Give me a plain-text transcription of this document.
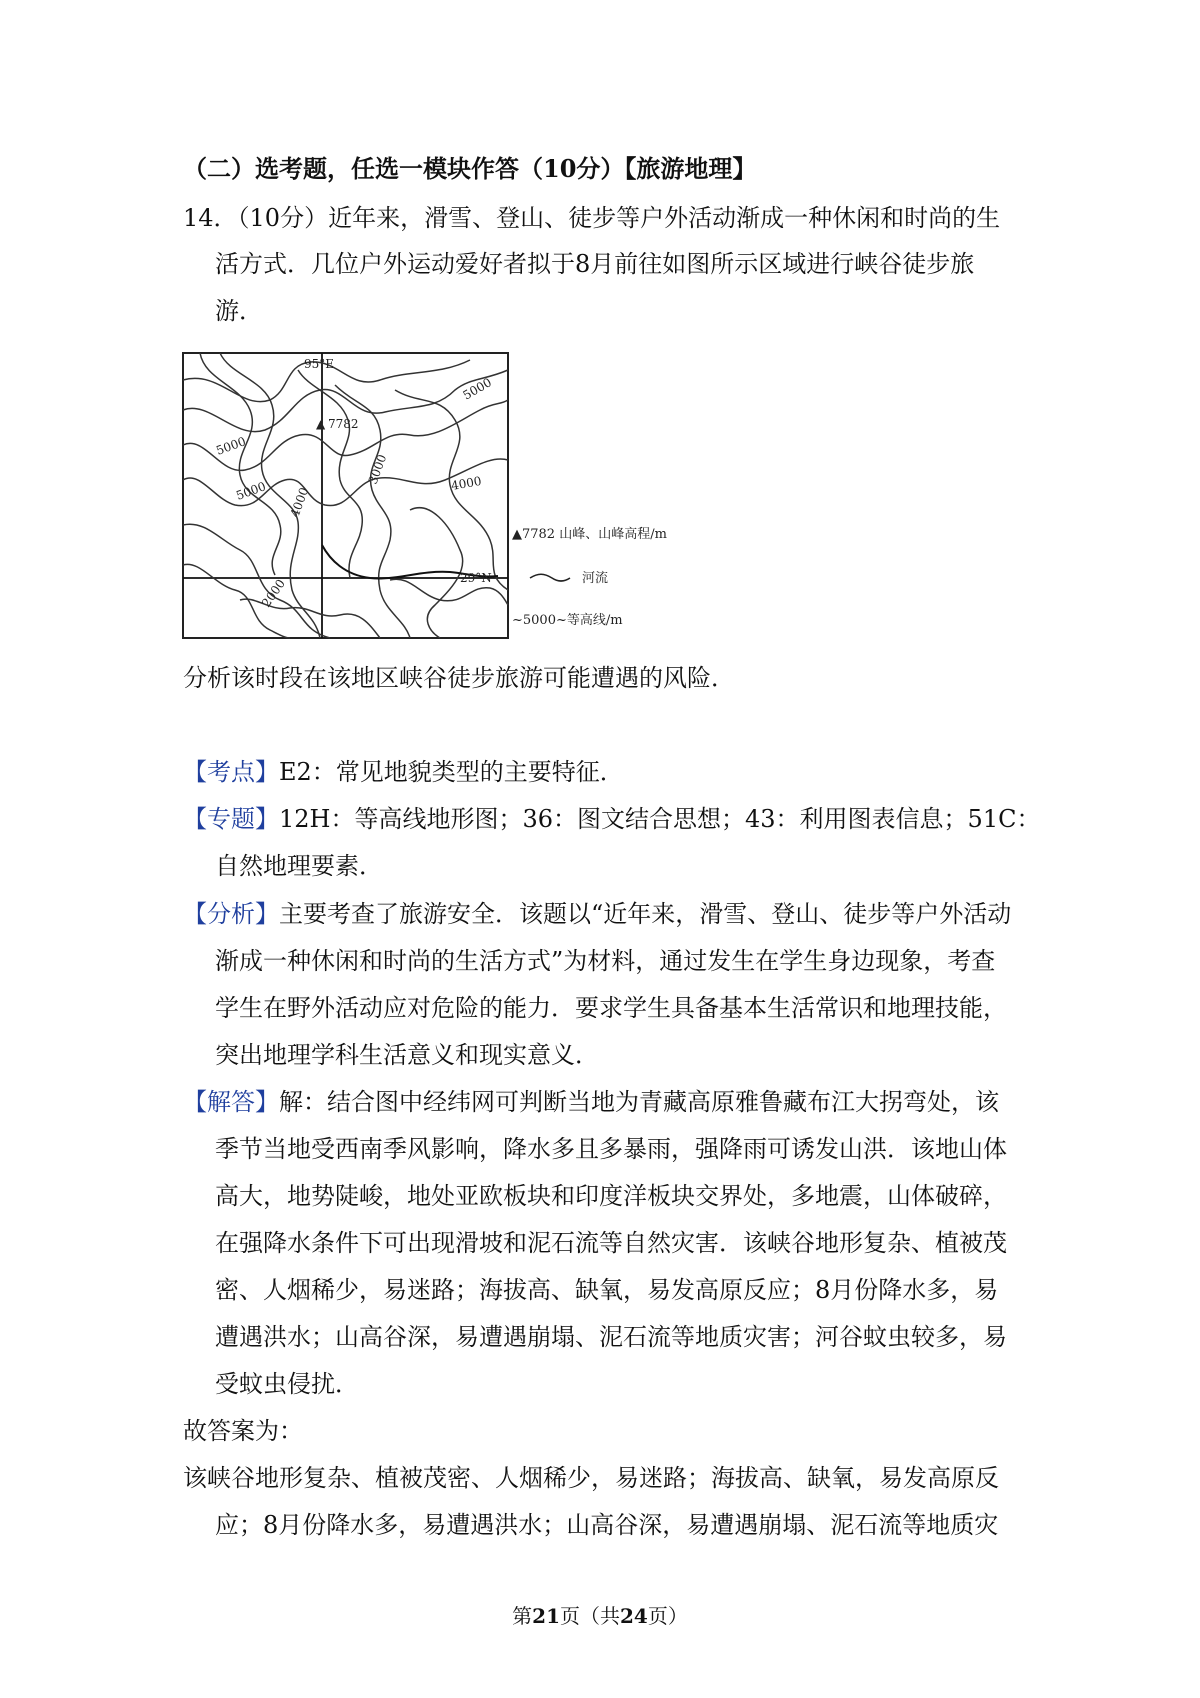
（二）选考题，任选一模块作答（10分）【旅游地理】
14．（10分）近年来，滑雪、登山、徒步等户外活动渐成一种休闲和时尚的生
活方式．几位户外运动爱好者拟于8月前往如图所示区域进行峡谷徒步旅
游．
95°E
29°N
▲ 7782
5000
5000
5000	4000
4000
3000
2000
▲7782 山峰、山峰高程/m
河流
~5000~等高线/m
分析该时段在该地区峡谷徒步旅游可能遭遇的风险．
【考点】E2：常见地貌类型的主要特征．
【专题】12H：等高线地形图；36：图文结合思想；43：利用图表信息；51C：
自然地理要素．
【分析】主要考查了旅游安全．该题以“近年来，滑雪、登山、徒步等户外活动
渐成一种休闲和时尚的生活方式”为材料，通过发生在学生身边现象，考查
学生在野外活动应对危险的能力．要求学生具备基本生活常识和地理技能，
突出地理学科生活意义和现实意义．
【解答】解：结合图中经纬网可判断当地为青藏高原雅鲁藏布江大拐弯处，该
季节当地受西南季风影响，降水多且多暴雨，强降雨可诱发山洪．该地山体
高大，地势陡峻，地处亚欧板块和印度洋板块交界处，多地震，山体破碎，
在强降水条件下可出现滑坡和泥石流等自然灾害．该峡谷地形复杂、植被茂
密、人烟稀少，易迷路；海拔高、缺氧，易发高原反应；8月份降水多，易
遭遇洪水；山高谷深，易遭遇崩塌、泥石流等地质灾害；河谷蚊虫较多，易
受蚊虫侵扰．
故答案为：
该峡谷地形复杂、植被茂密、人烟稀少，易迷路；海拔高、缺氧，易发高原反
应；8月份降水多，易遭遇洪水；山高谷深，易遭遇崩塌、泥石流等地质灾
第21页（共24页）
